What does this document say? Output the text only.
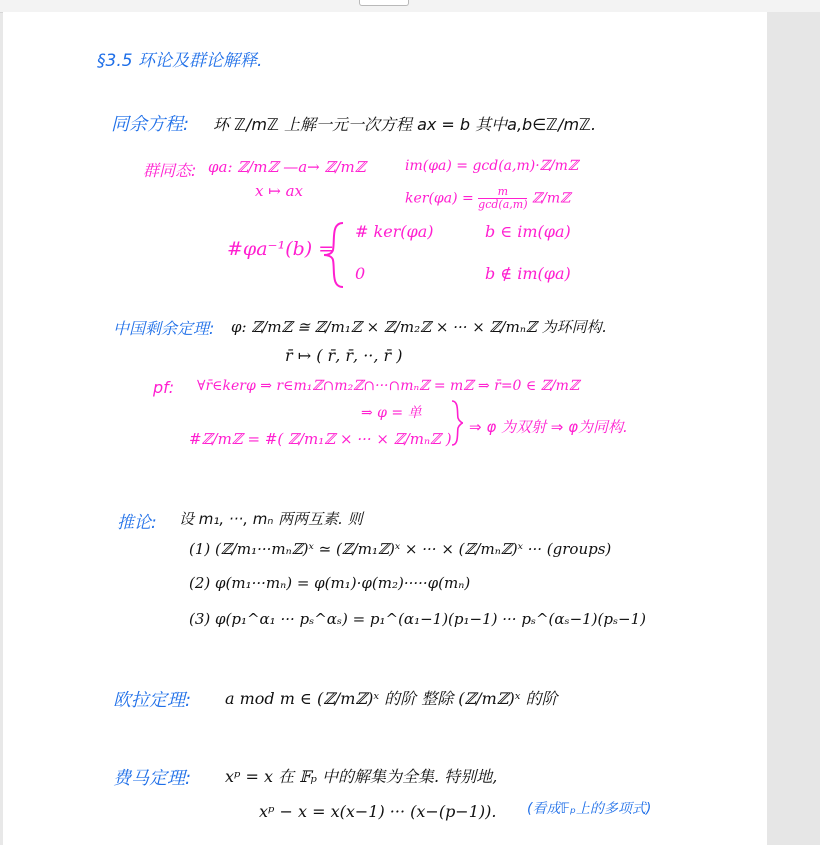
§3.5 环论及群论解释.
同余方程: 环 ℤ/mℤ 上解一元一次方程 ax = b 其中a,b∈ℤ/mℤ.
群同态: φa: ℤ/mℤ —a→ ℤ/mℤ
x ↦ ax
im(φa) = gcd(a,m)·ℤ/mℤ
$ker(\varphi a) = \frac{m}{\gcd(a,m)}$ ℤ/mℤ
#φa⁻¹(b) =
# ker(φa)	b ∈ im(φa)
0	b ∉ im(φa)
中国剩余定理: φ: ℤ/mℤ ≅ ℤ/m₁ℤ × ℤ/m₂ℤ × ··· × ℤ/mₙℤ 为环同构.
r̄ ↦ ( r̄, r̄, ··, r̄ )
pf: ∀r̄∈kerφ ⇒ r∈m₁ℤ∩m₂ℤ∩···∩mₙℤ = mℤ ⇒ r̄=0 ∈ ℤ/mℤ
⇒ φ = 单
#ℤ/mℤ = #( ℤ/m₁ℤ × ··· × ℤ/mₙℤ )
⇒ φ 为双射 ⇒ φ为同构.
推论: 设 m₁, ···, mₙ 两两互素. 则
(1) (ℤ/m₁···mₙℤ)ˣ ≃ (ℤ/m₁ℤ)ˣ × ··· × (ℤ/mₙℤ)ˣ ··· (groups)
(2) φ(m₁···mₙ) = φ(m₁)·φ(m₂)·····φ(mₙ)
(3) φ(p₁^α₁ ··· pₛ^αₛ) = p₁^(α₁−1)(p₁−1) ··· pₛ^(αₛ−1)(pₛ−1)
欧拉定理: a mod m ∈ (ℤ/mℤ)ˣ 的阶 整除 (ℤ/mℤ)ˣ 的阶
费马定理: xᵖ = x 在 𝔽ₚ 中的解集为全集. 特别地,
xᵖ − x = x(x−1) ··· (x−(p−1)). (看成𝔽ₚ上的多项式)
